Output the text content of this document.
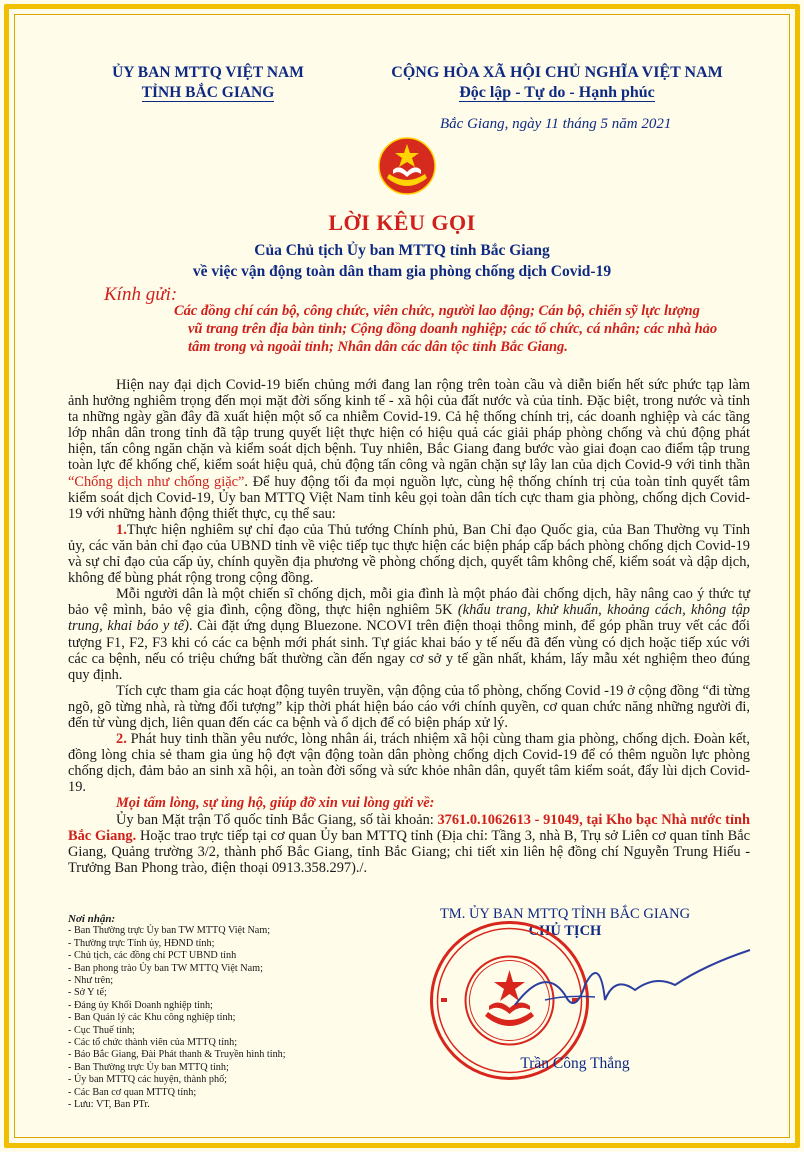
ỦY BAN MTTQ VIỆT NAM
TỈNH BẮC GIANG
CỘNG HÒA XÃ HỘI CHỦ NGHĨA VIỆT NAM
Độc lập - Tự do - Hạnh phúc
Bắc Giang, ngày 11 tháng 5 năm 2021
LỜI KÊU GỌI
Của Chủ tịch Ủy ban MTTQ tỉnh Bắc Giang
về việc vận động toàn dân tham gia phòng chống dịch Covid-19
Kính gửi:
Các đồng chí cán bộ, công chức, viên chức, người lao động; Cán bộ, chiến sỹ lực lượng
vũ trang trên địa bàn tỉnh; Cộng đồng doanh nghiệp; các tổ chức, cá nhân; các nhà hảo
tâm trong và ngoài tỉnh; Nhân dân các dân tộc tỉnh Bắc Giang.

Hiện nay đại dịch Covid-19 biến chủng mới đang lan rộng trên toàn cầu và diễn biến hết sức phức tạp làm ảnh hưởng nghiêm trọng đến mọi mặt đời sống kinh tế - xã hội của đất nước và của tỉnh. Đặc biệt, trong nước và tỉnh ta những ngày gần đây đã xuất hiện một số ca nhiễm Covid-19. Cả hệ thống chính trị, các doanh nghiệp và các tầng lớp nhân dân trong tỉnh đã tập trung quyết liệt thực hiện có hiệu quả các giải pháp phòng chống và chủ động phát hiện, tấn công ngăn chặn và kiểm soát dịch bệnh. Tuy nhiên, Bắc Giang đang bước vào giai đoạn cao điểm tập trung toàn lực để khống chế, kiểm soát hiệu quả, chủ động tấn công và ngăn chặn sự lây lan của dịch Covid-9 với tinh thần “Chống dịch như chống giặc”. Để huy động tối đa mọi nguồn lực, cùng hệ thống chính trị của toàn tỉnh quyết tâm kiểm soát dịch Covid-19, Ủy ban MTTQ Việt Nam tỉnh kêu gọi toàn dân tích cực tham gia phòng, chống dịch Covid-19 với những hành động thiết thực, cụ thể sau:

1.Thực hiện nghiêm sự chỉ đạo của Thủ tướng Chính phủ, Ban Chỉ đạo Quốc gia, của Ban Thường vụ Tỉnh ủy, các văn bản chỉ đạo của UBND tỉnh về việc tiếp tục thực hiện các biện pháp cấp bách phòng chống dịch Covid-19 và sự chỉ đạo của cấp ủy, chính quyền địa phương về phòng chống dịch, quyết tâm không chế, kiểm soát và dập dịch, không để bùng phát rộng trong cộng đồng.

Mỗi người dân là một chiến sĩ chống dịch, mỗi gia đình là một pháo đài chống dịch, hãy nâng cao ý thức tự bảo vệ mình, bảo vệ gia đình, cộng đồng, thực hiện nghiêm 5K (khẩu trang, khử khuẩn, khoảng cách, không tập trung, khai báo y tế). Cài đặt ứng dụng Bluezone. NCOVI trên điện thoại thông minh, để góp phần truy vết các đối tượng F1, F2, F3 khi có các ca bệnh mới phát sinh. Tự giác khai báo y tế nếu đã đến vùng có dịch hoặc tiếp xúc với các ca bệnh, nếu có triệu chứng bất thường cần đến ngay cơ sở y tế gần nhất, khám, lấy mẫu xét nghiệm theo đúng quy định.

Tích cực tham gia các hoạt động tuyên truyền, vận động của tổ phòng, chống Covid -19 ở cộng đồng “đi từng ngõ, gõ từng nhà, rà từng đối tượng” kịp thời phát hiện báo cáo với chính quyền, cơ quan chức năng những người đi, đến từ vùng dịch, liên quan đến các ca bệnh và ổ dịch để có biện pháp xử lý.

2. Phát huy tinh thần yêu nước, lòng nhân ái, trách nhiệm xã hội cùng tham gia phòng, chống dịch. Đoàn kết, đồng lòng chia sẻ tham gia ủng hộ đợt vận động toàn dân phòng chống dịch Covid-19 để có thêm nguồn lực phòng chống dịch, đảm bảo an sinh xã hội, an toàn đời sống và sức khỏe nhân dân, quyết tâm kiểm soát, đẩy lùi dịch Covid-19.

Mọi tấm lòng, sự ủng hộ, giúp đỡ xin vui lòng gửi về:

Ủy ban Mặt trận Tổ quốc tỉnh Bắc Giang, số tài khoản: 3761.0.1062613 - 91049, tại Kho bạc Nhà nước tỉnh Bắc Giang. Hoặc trao trực tiếp tại cơ quan Ủy ban MTTQ tỉnh (Địa chỉ: Tầng 3, nhà B, Trụ sở Liên cơ quan tỉnh Bắc Giang, Quảng trường 3/2, thành phố Bắc Giang, tỉnh Bắc Giang; chi tiết xin liên hệ đồng chí Nguyễn Trung Hiếu - Trưởng Ban Phong trào, điện thoại 0913.358.297)./.

Nơi nhận:
- Ban Thường trực Ủy ban TW MTTQ Việt Nam;
- Thường trực Tỉnh ủy, HĐND tỉnh;
- Chủ tịch, các đồng chí PCT UBND tỉnh
- Ban phong trào Ủy ban TW MTTQ Việt Nam;
- Như trên;
- Sở Y tế;
- Đảng ủy Khối Doanh nghiệp tỉnh;
- Ban Quản lý các Khu công nghiệp tỉnh;
- Cục Thuế tỉnh;
- Các tổ chức thành viên của MTTQ tỉnh;
- Báo Bắc Giang, Đài Phát thanh & Truyền hình tỉnh;
- Ban Thường trực Ủy ban MTTQ tỉnh;
- Ủy ban MTTQ các huyện, thành phố;
- Các Ban cơ quan MTTQ tỉnh;
- Lưu: VT, Ban PTr.
TM. ỦY BAN MTTQ TỈNH BẮC GIANG
CHỦ TỊCH
Trần Công Thắng
